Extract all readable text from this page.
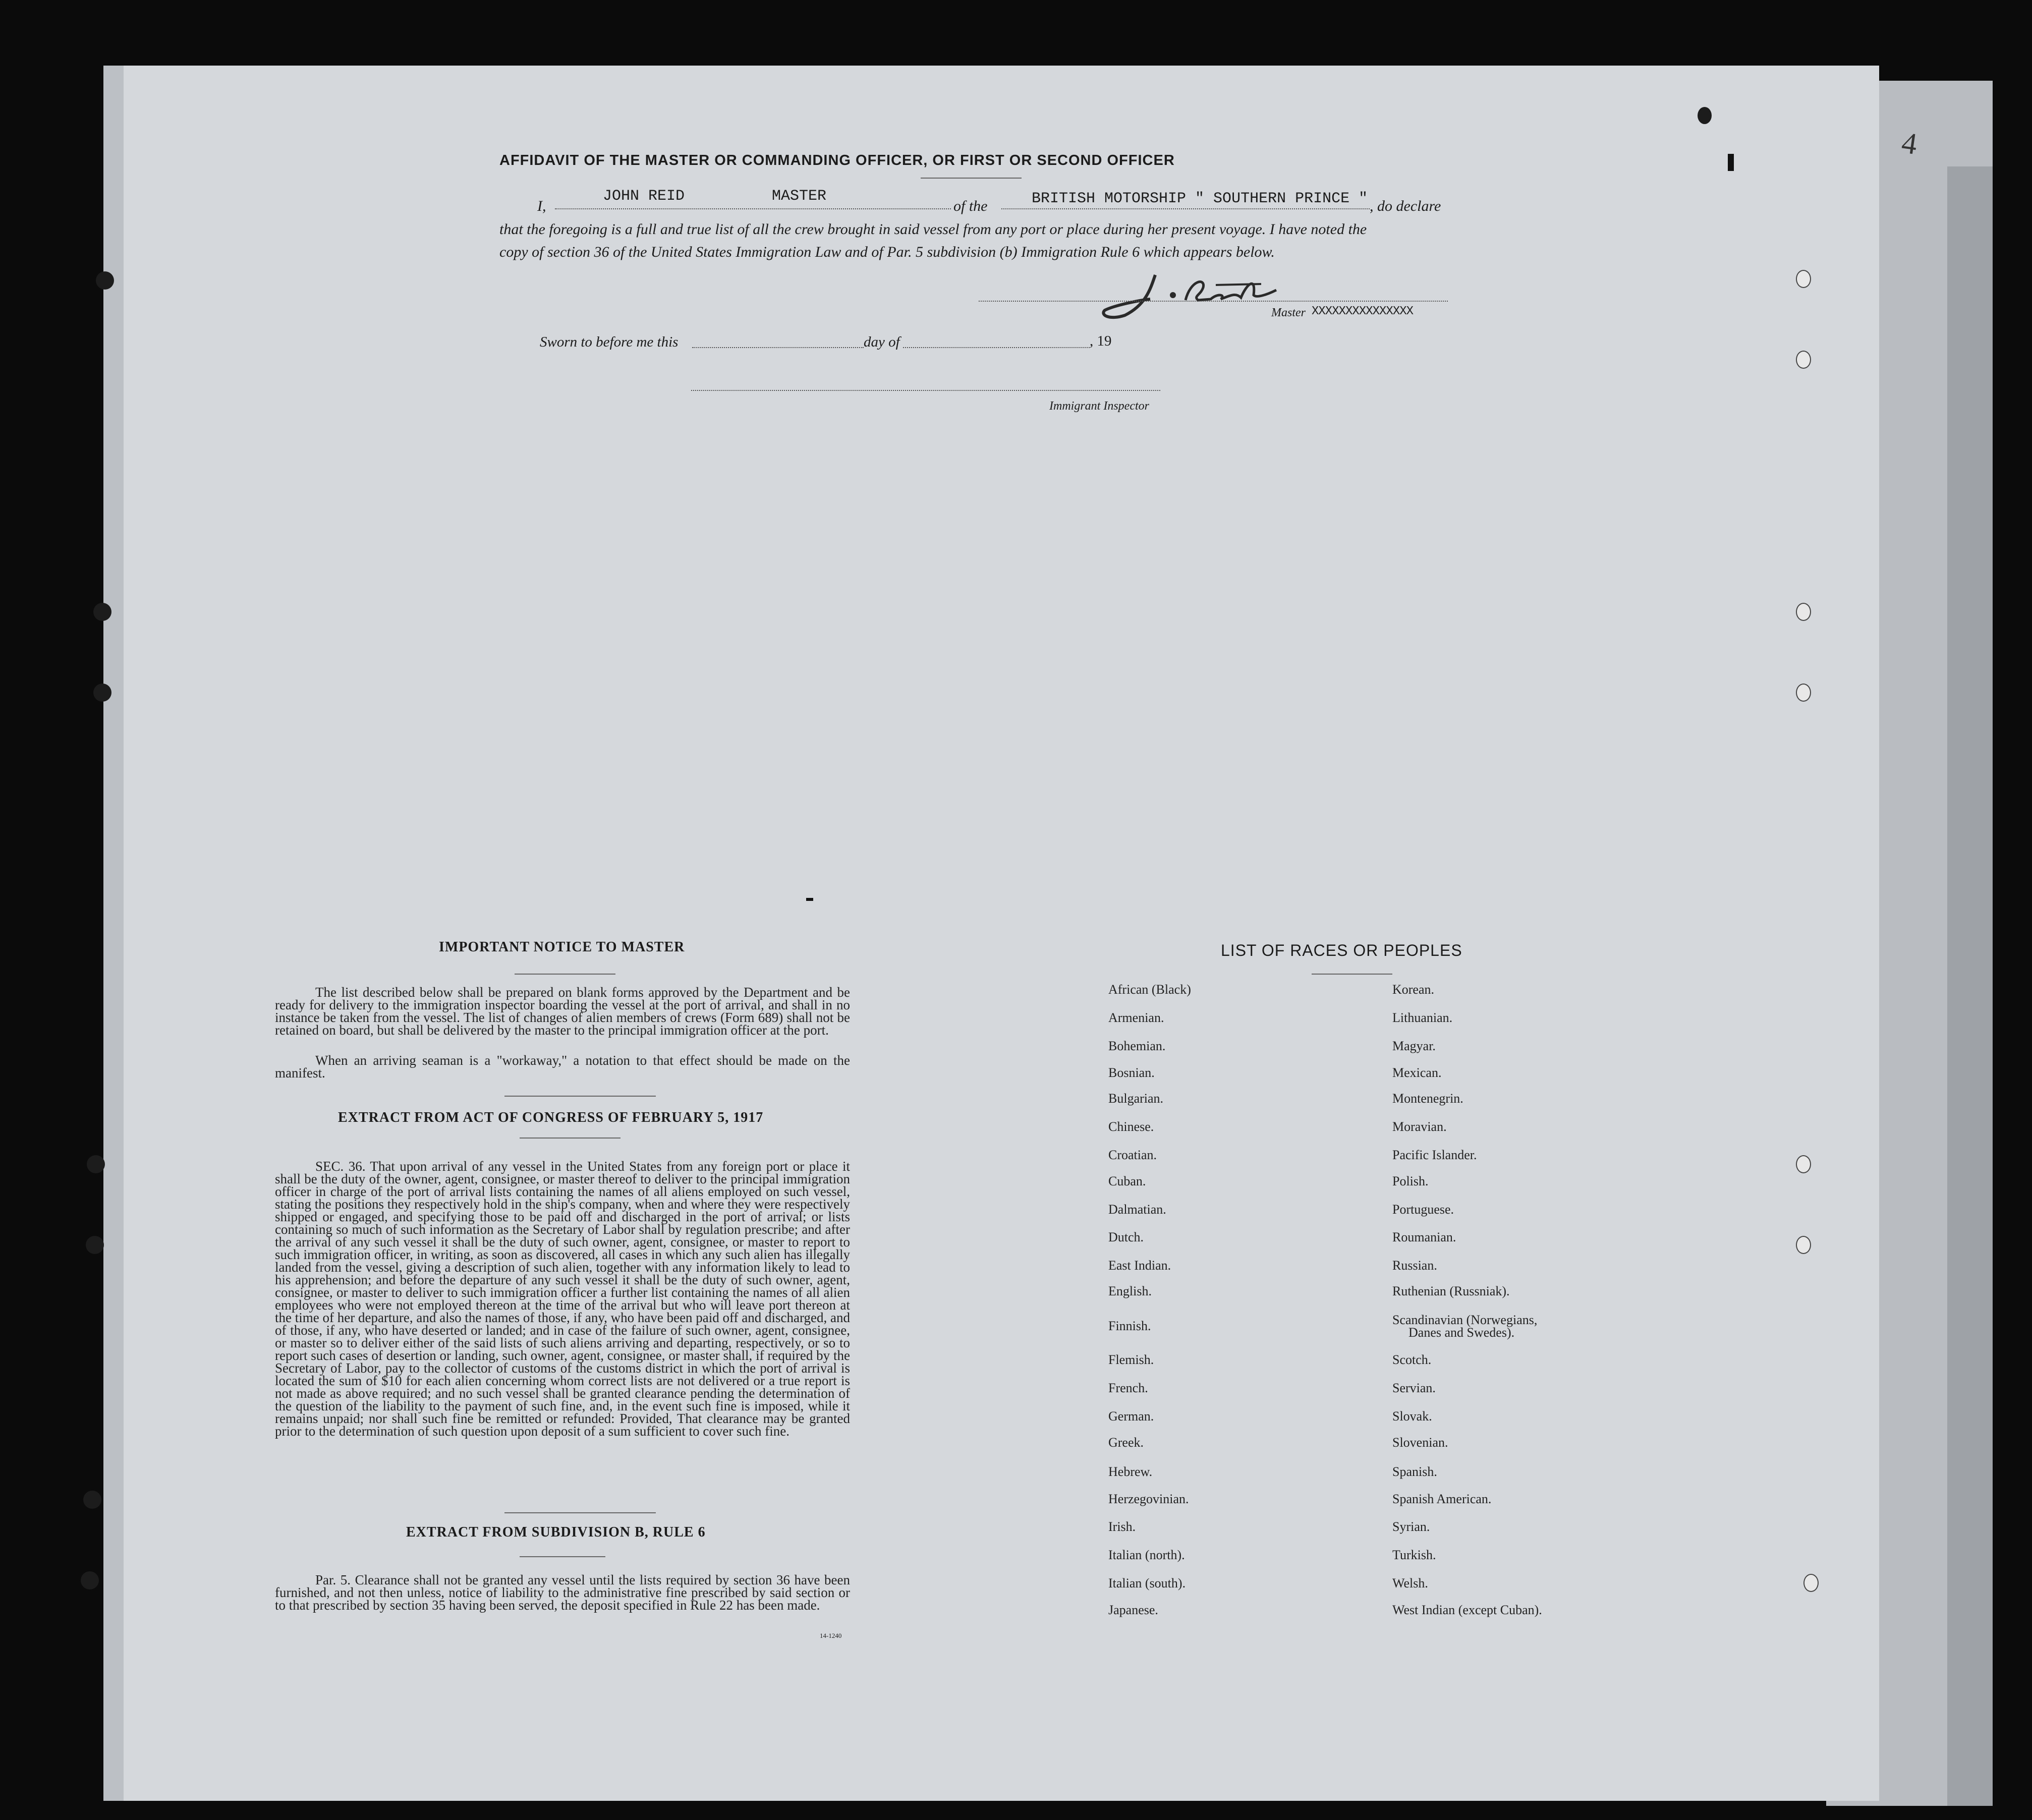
4
AFFIDAVIT OF THE MASTER OR COMMANDING OFFICER, OR FIRST OR SECOND OFFICER
I,
JOHN REID	MASTER
of the	BRITISH MOTORSHIP " SOUTHERN PRINCE " , do declare
that the foregoing is a full and true list of all the crew brought in said vessel from any port or place during her present voyage. I have noted the
copy of section 36 of the United States Immigration Law and of Par. 5 subdivision (b) Immigration Rule 6 which appears below.
Master XXXXXXXXXXXXXXX
Sworn to before me this	day of	, 19
Immigrant Inspector
IMPORTANT NOTICE TO MASTER
The list described below shall be prepared on blank forms approved by the Department and be ready for delivery to the immigration inspector boarding the vessel at the port of arrival, and shall in no instance be taken from the vessel. The list of changes of alien members of crews (Form 689) shall not be retained on board, but shall be delivered by the master to the principal immigration officer at the port.
When an arriving seaman is a "workaway," a notation to that effect should be made on the manifest.
EXTRACT FROM ACT OF CONGRESS OF FEBRUARY 5, 1917
SEC. 36. That upon arrival of any vessel in the United States from any foreign port or place it shall be the duty of the owner, agent, consignee, or master thereof to deliver to the principal immigration officer in charge of the port of arrival lists containing the names of all aliens employed on such vessel, stating the positions they respectively hold in the ship's company, when and where they were respectively shipped or engaged, and specifying those to be paid off and discharged in the port of arrival; or lists containing so much of such information as the Secretary of Labor shall by regulation prescribe; and after the arrival of any such vessel it shall be the duty of such owner, agent, consignee, or master to report to such immigration officer, in writing, as soon as discovered, all cases in which any such alien has illegally landed from the vessel, giving a description of such alien, together with any information likely to lead to his apprehension; and before the departure of any such vessel it shall be the duty of such owner, agent, consignee, or master to deliver to such immigration officer a further list containing the names of all alien employees who were not employed thereon at the time of the arrival but who will leave port thereon at the time of her departure, and also the names of those, if any, who have been paid off and discharged, and of those, if any, who have deserted or landed; and in case of the failure of such owner, agent, consignee, or master so to deliver either of the said lists of such aliens arriving and departing, respectively, or so to report such cases of desertion or landing, such owner, agent, consignee, or master shall, if required by the Secretary of Labor, pay to the collector of customs of the customs district in which the port of arrival is located the sum of $10 for each alien concerning whom correct lists are not delivered or a true report is not made as above required; and no such vessel shall be granted clearance pending the determination of the question of the liability to the payment of such fine, and, in the event such fine is imposed, while it remains unpaid; nor shall such fine be remitted or refunded: Provided, That clearance may be granted prior to the determination of such question upon deposit of a sum sufficient to cover such fine.
EXTRACT FROM SUBDIVISION B, RULE 6
Par. 5. Clearance shall not be granted any vessel until the lists required by section 36 have been furnished, and not then unless, notice of liability to the administrative fine prescribed by said section or to that prescribed by section 35 having been served, the deposit specified in Rule 22 has been made.
14-1240
LIST OF RACES OR PEOPLES
African (Black)
Armenian.
Bohemian.
Bosnian.
Bulgarian.
Chinese.
Croatian.
Cuban.
Dalmatian.
Dutch.
East Indian.
English.
Finnish.
Flemish.
French.
German.
Greek.
Hebrew.
Herzegovinian.
Irish.
Italian (north).
Italian (south).
Japanese.
Korean.
Lithuanian.
Magyar.
Mexican.
Montenegrin.
Moravian.
Pacific Islander.
Polish.
Portuguese.
Roumanian.
Russian.
Ruthenian (Russniak).
Scandinavian (Norwegians,
Danes and Swedes).
Scotch.
Servian.
Slovak.
Slovenian.
Spanish.
Spanish American.
Syrian.
Turkish.
Welsh.
West Indian (except Cuban).
